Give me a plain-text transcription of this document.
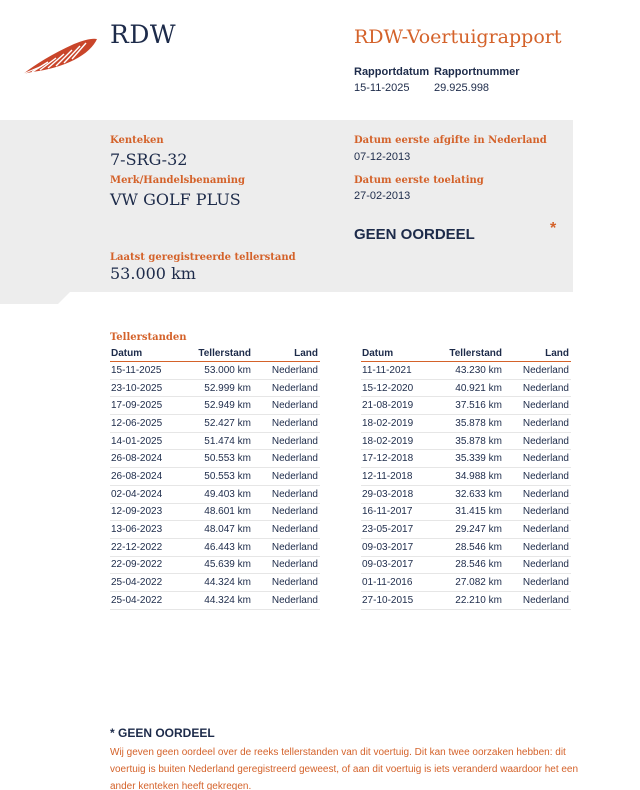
RDW	RDW-Voertuigrapport
Rapportdatum
15-11-2025
Rapportnummer
29.925.998
Kenteken
7-SRG-32
Merk/Handelsbenaming
VW GOLF PLUS
Laatst geregistreerde tellerstand
53.000 km
Datum eerste afgifte in Nederland
07-12-2013
Datum eerste toelating
27-02-2013
GEEN OORDEEL	*
Tellerstanden
Datum	Tellerstand	Land
15-11-2025	53.000 km	Nederland
23-10-2025	52.999 km	Nederland
17-09-2025	52.949 km	Nederland
12-06-2025	52.427 km	Nederland
14-01-2025	51.474 km	Nederland
26-08-2024	50.553 km	Nederland
26-08-2024	50.553 km	Nederland
02-04-2024	49.403 km	Nederland
12-09-2023	48.601 km	Nederland
13-06-2023	48.047 km	Nederland
22-12-2022	46.443 km	Nederland
22-09-2022	45.639 km	Nederland
25-04-2022	44.324 km	Nederland
25-04-2022	44.324 km	Nederland
Datum	Tellerstand	Land
11-11-2021	43.230 km	Nederland
15-12-2020	40.921 km	Nederland
21-08-2019	37.516 km	Nederland
18-02-2019	35.878 km	Nederland
18-02-2019	35.878 km	Nederland
17-12-2018	35.339 km	Nederland
12-11-2018	34.988 km	Nederland
29-03-2018	32.633 km	Nederland
16-11-2017	31.415 km	Nederland
23-05-2017	29.247 km	Nederland
09-03-2017	28.546 km	Nederland
09-03-2017	28.546 km	Nederland
01-11-2016	27.082 km	Nederland
27-10-2015	22.210 km	Nederland
* GEEN OORDEEL
Wij geven geen oordeel over de reeks tellerstanden van dit voertuig. Dit kan twee oorzaken hebben: dit voertuig is buiten Nederland geregistreerd geweest, of aan dit voertuig is iets veranderd waardoor het een ander kenteken heeft gekregen.
